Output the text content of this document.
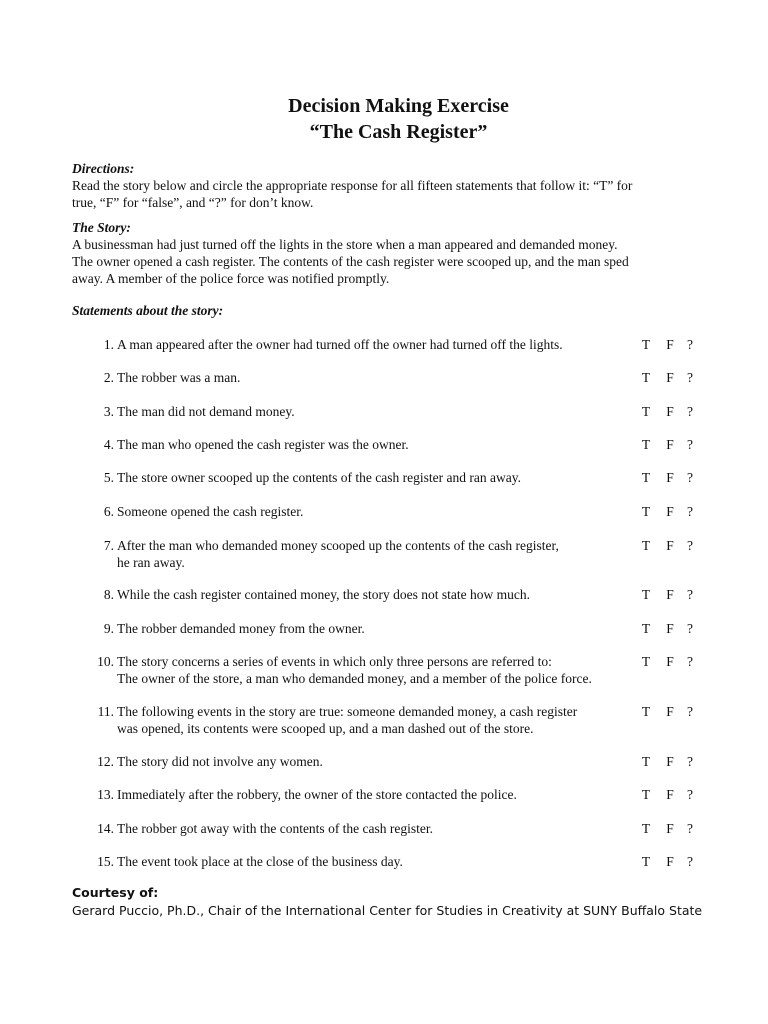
Decision Making Exercise
“The Cash Register”
Directions:
Read the story below and circle the appropriate response for all fifteen statements that follow it: “T” for
true, “F” for “false”, and “?” for don’t know.
The Story:
A businessman had just turned off the lights in the store when a man appeared and demanded money.
The owner opened a cash register. The contents of the cash register were scooped up, and the man sped
away. A member of the police force was notified promptly.
Statements about the story:
1. A man appeared after the owner had turned off the owner had turned off the lights.	T	F ?
2. The robber was a man.	T	F ?
3. The man did not demand money.	T	F ?
4. The man who opened the cash register was the owner.	T	F ?
5. The store owner scooped up the contents of the cash register and ran away.	T	F ?
6. Someone opened the cash register.	T	F ?
7. After the man who demanded money scooped up the contents of the cash register,
he ran away.
T	F ?
8. While the cash register contained money, the story does not state how much.	T	F ?
9. The robber demanded money from the owner.	T	F ?
10. The story concerns a series of events in which only three persons are referred to:
The owner of the store, a man who demanded money, and a member of the police force.
T	F ?
11. The following events in the story are true: someone demanded money, a cash register
was opened, its contents were scooped up, and a man dashed out of the store.
T	F ?
12. The story did not involve any women.	T	F ?
13. Immediately after the robbery, the owner of the store contacted the police.	T	F ?
14. The robber got away with the contents of the cash register.	T	F ?
15. The event took place at the close of the business day.	T	F ?
Courtesy of:
Gerard Puccio, Ph.D., Chair of the International Center for Studies in Creativity at SUNY Buffalo State
